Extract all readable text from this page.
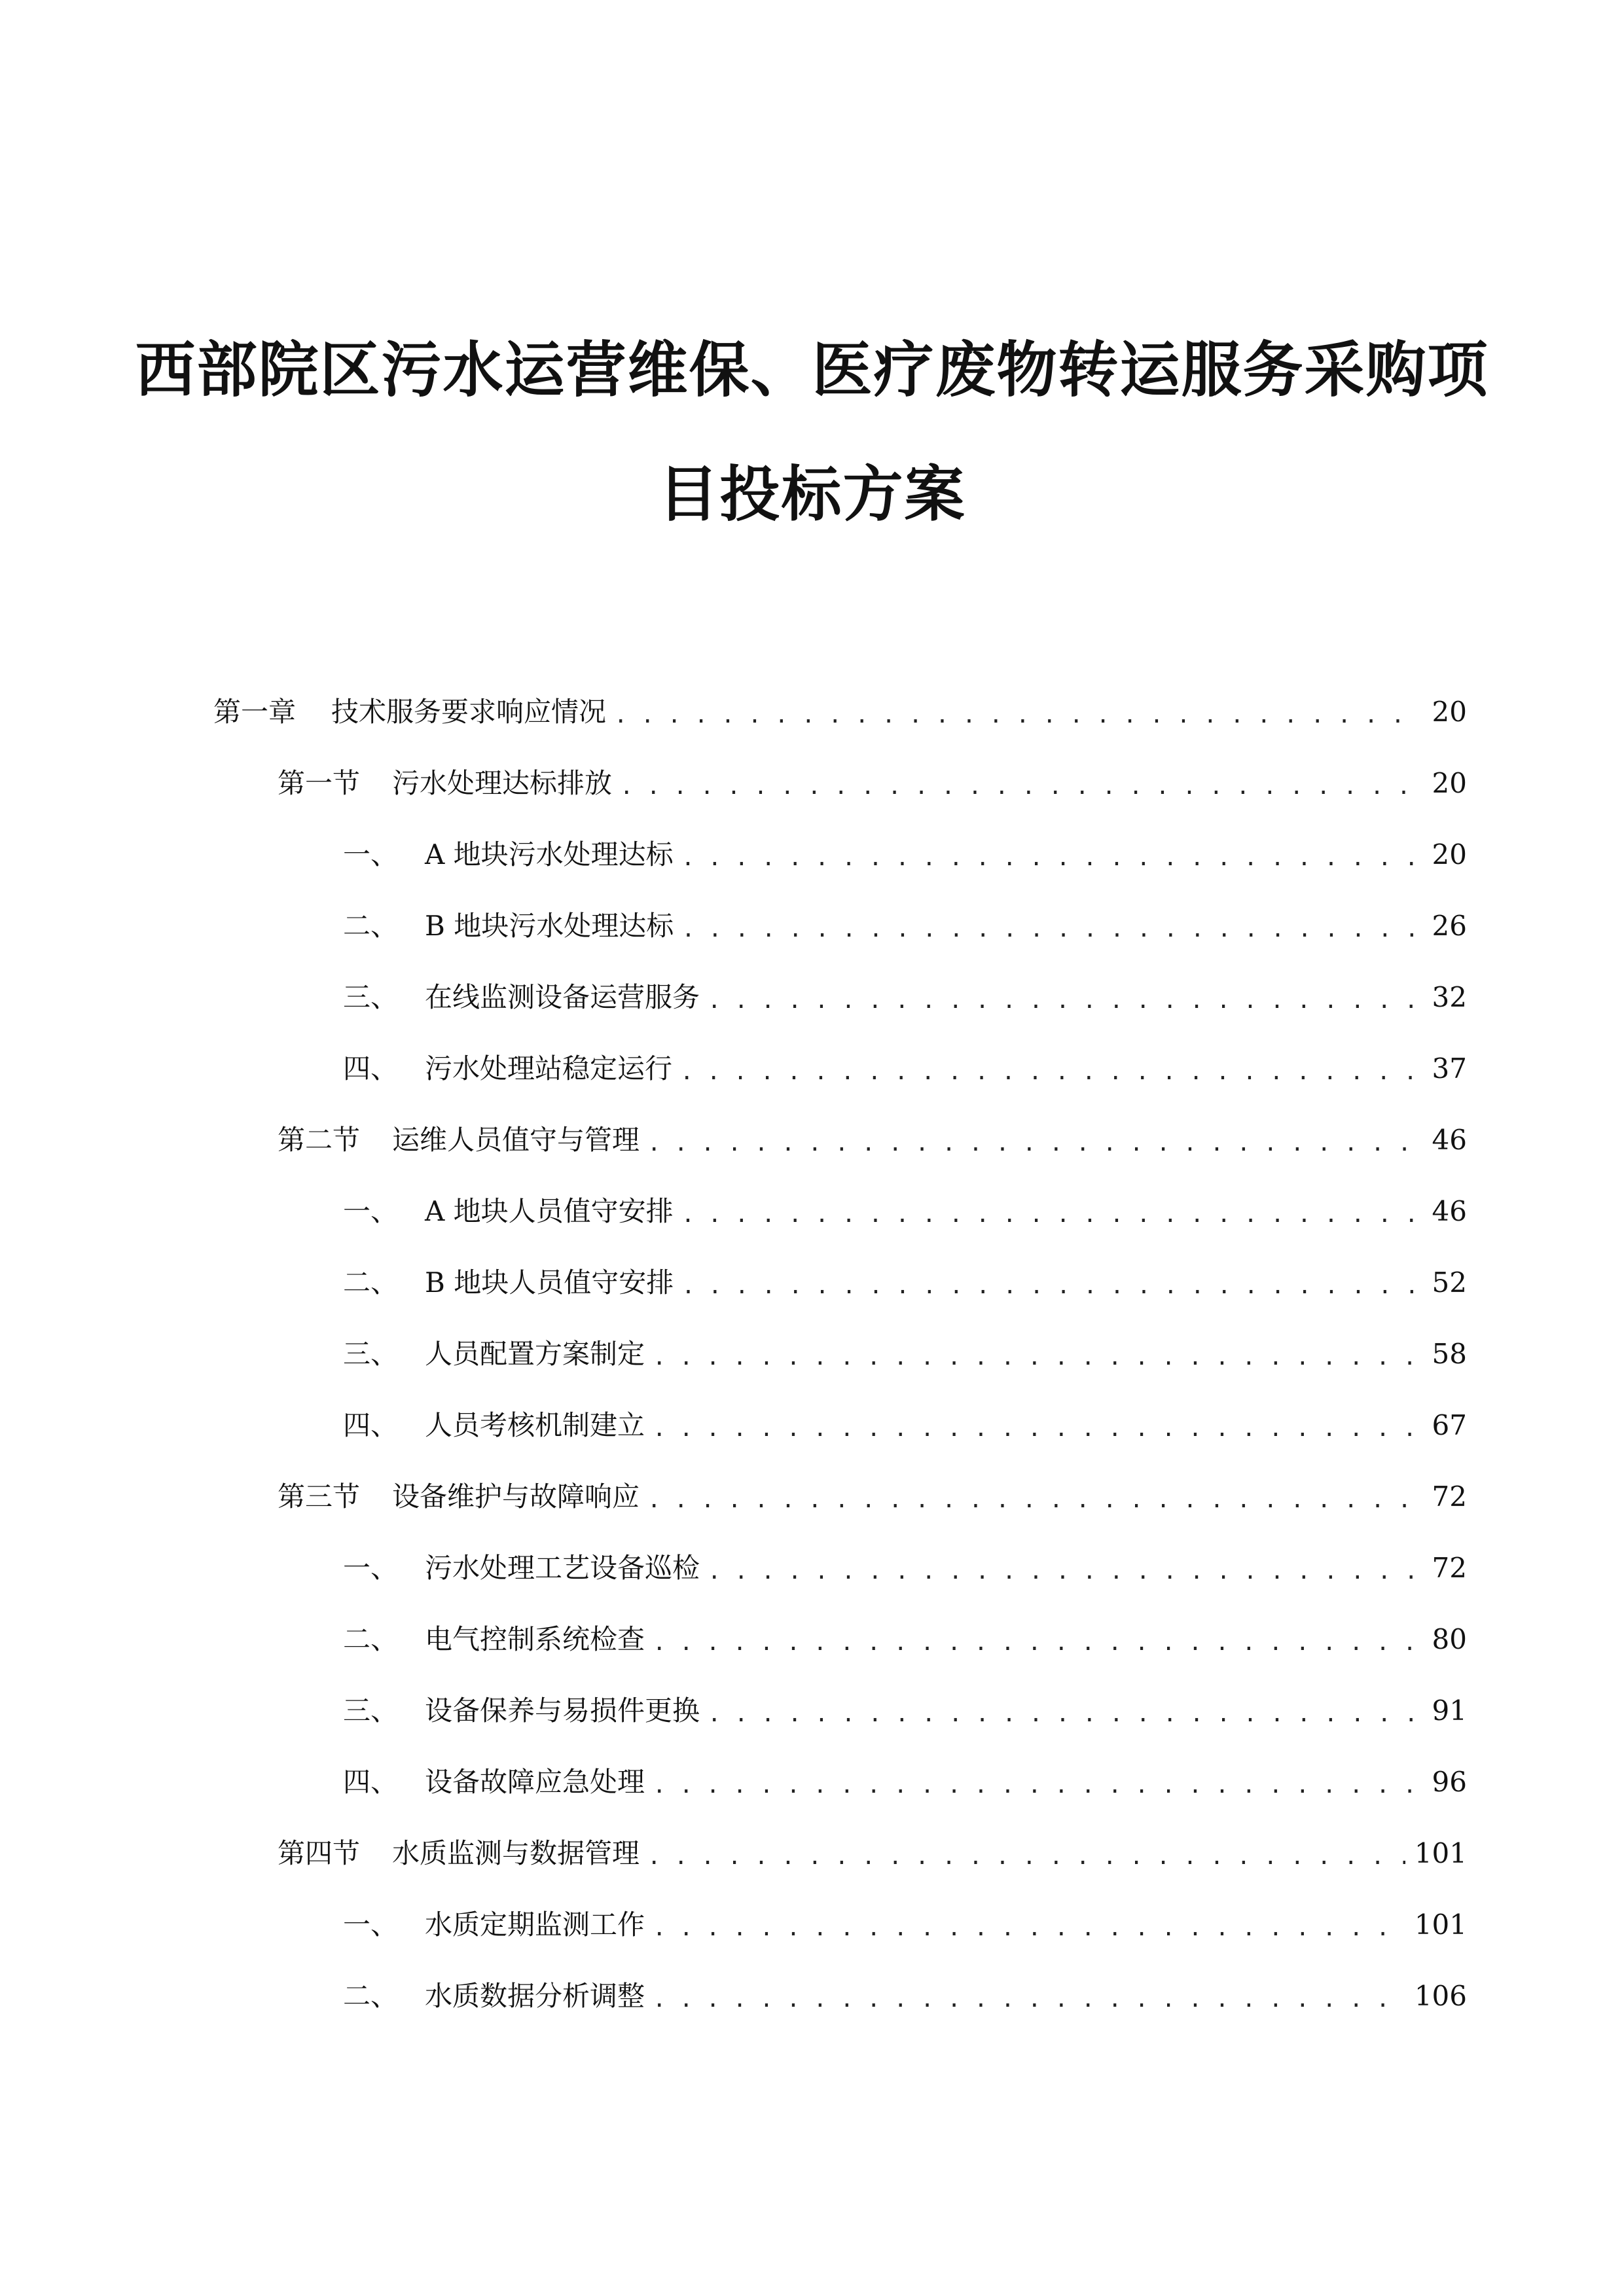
西部院区污水运营维保、医疗废物转运服务采购项
目投标方案
第一章	技术服务要求响应情况 . . .	20
第一节	污水处理达标排放 . . .	20
一、 A 地块污水处理达标 . . .	20
二、 B 地块污水处理达标 . . .	26
三、 在线监测设备运营服务 . . .	32
四、 污水处理站稳定运行 . . .	37
第二节	运维人员值守与管理 . . .	46
一、 A 地块人员值守安排 . . .	46
二、 B 地块人员值守安排 . . .	52
三、 人员配置方案制定 . . .	58
四、 人员考核机制建立 . . .	67
第三节	设备维护与故障响应 . . .	72
一、 污水处理工艺设备巡检 . . .	72
二、 电气控制系统检查 . . .	80
三、 设备保养与易损件更换 . . .	91
四、 设备故障应急处理 . . .	96
第四节	水质监测与数据管理 . . .	101
一、 水质定期监测工作 . . .	101
二、 水质数据分析调整 . . .	106
